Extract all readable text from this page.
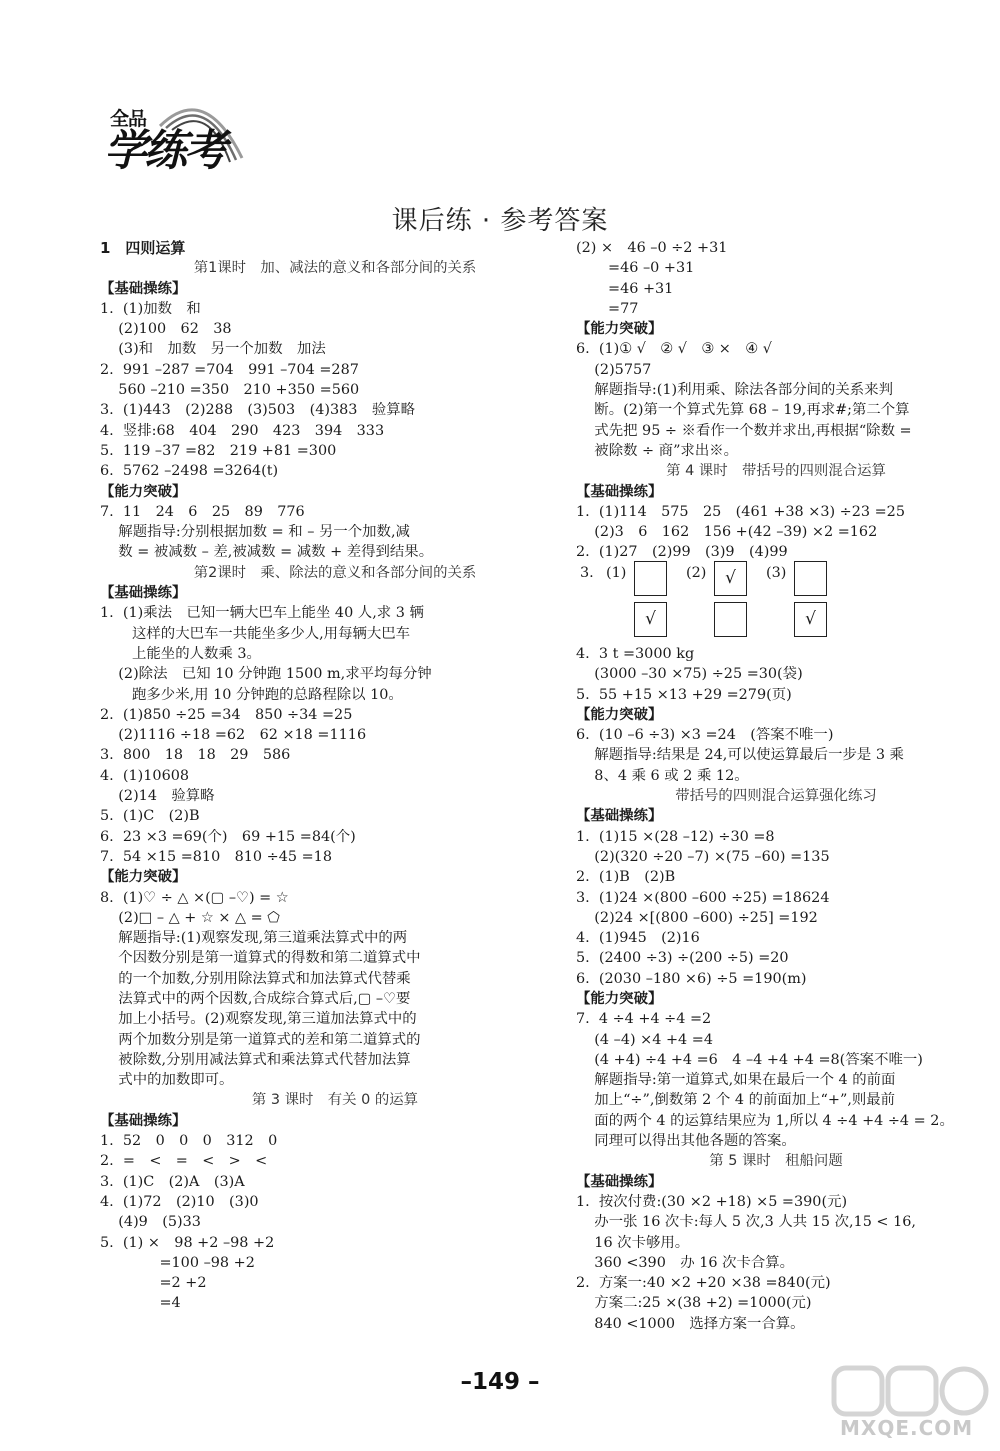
全品
学练考
课后练 · 参考答案
1　四则运算
第1课时　加、减法的意义和各部分间的关系
【基础操练】
1.  (1)加数　和
(2)100　62　38
(3)和　加数　另一个加数　加法
2.  991 –287 =704　991 –704 =287
560 –210 =350　210 +350 =560
3.  (1)443　(2)288　(3)503　(4)383　验算略
4.  竖排:68　404　290　423　394　333
5.  119 –37 =82　219 +81 =300
6.  5762 –2498 =3264(t)
【能力突破】
7.  11　24　6　25　89　776
解题指导:分别根据加数 = 和 – 另一个加数,减
数 = 被减数 – 差,被减数 = 减数 + 差得到结果。
第2课时　乘、除法的意义和各部分间的关系
【基础操练】
1.  (1)乘法　已知一辆大巴车上能坐 40 人,求 3 辆
这样的大巴车一共能坐多少人,用每辆大巴车
上能坐的人数乘 3。
(2)除法　已知 10 分钟跑 1500 m,求平均每分钟
跑多少米,用 10 分钟跑的总路程除以 10。
2.  (1)850 ÷25 =34　850 ÷34 =25
(2)1116 ÷18 =62　62 ×18 =1116
3.  800　18　18　29　586
4.  (1)10608
(2)14　验算略
5.  (1)C　(2)B
6.  23 ×3 =69(个)　69 +15 =84(个)
7.  54 ×15 =810　810 ÷45 =18
【能力突破】
8.  (1)♡ ÷ △ ×(▢ –♡) = ☆
(2)□ – △ + ☆ × △ = ⬠
解题指导:(1)观察发现,第三道乘法算式中的两
个因数分别是第一道算式的得数和第二道算式中
的一个加数,分别用除法算式和加法算式代替乘
法算式中的两个因数,合成综合算式后,▢ –♡要
加上小括号。(2)观察发现,第三道加法算式中的
两个加数分别是第一道算式的差和第二道算式的
被除数,分别用减法算式和乘法算式代替加法算
式中的加数即可。
第 3 课时　有关 0 的运算
【基础操练】
1.  52　0　0　0　312　0
2.  =　<　=　<　>　<
3.  (1)C　(2)A　(3)A
4.  (1)72　(2)10　(3)0
(4)9　(5)33
5.  (1) ×　98 +2 –98 +2
=100 –98 +2
=2 +2
=4
(2) ×　46 –0 ÷2 +31
=46 –0 +31
=46 +31
=77
【能力突破】
6.  (1)① √　② √　③ ×　④ √
(2)5757
解题指导:(1)利用乘、除法各部分间的关系来判
断。(2)第一个算式先算 68 – 19,再求#;第二个算
式先把 95 ÷ ※看作一个数并求出,再根据“除数 =
被除数 ÷ 商”求出※。
第 4 课时　带括号的四则混合运算
【基础操练】
1.  (1)114　575　25　(461 +38 ×3) ÷23 =25
(2)3　6　162　156 +(42 –39) ×2 =162
2.  (1)27　(2)99　(3)9　(4)99
3. (1)
√
(2)	√	(3)
√
4.  3 t =3000 kg
(3000 –30 ×75) ÷25 =30(袋)
5.  55 +15 ×13 +29 =279(页)
【能力突破】
6.  (10 –6 ÷3) ×3 =24　(答案不唯一)
解题指导:结果是 24,可以使运算最后一步是 3 乘
8、4 乘 6 或 2 乘 12。
带括号的四则混合运算强化练习
【基础操练】
1.  (1)15 ×(28 –12) ÷30 =8
(2)(320 ÷20 –7) ×(75 –60) =135
2.  (1)B　(2)B
3.  (1)24 ×(800 –600 ÷25) =18624
(2)24 ×[(800 –600) ÷25] =192
4.  (1)945　(2)16
5.  (2400 ÷3) ÷(200 ÷5) =20
6.  (2030 –180 ×6) ÷5 =190(m)
【能力突破】
7.  4 ÷4 +4 ÷4 =2
(4 –4) ×4 +4 =4
(4 +4) ÷4 +4 =6　4 –4 +4 +4 =8(答案不唯一)
解题指导:第一道算式,如果在最后一个 4 的前面
加上“÷”,倒数第 2 个 4 的前面加上“+”,则最前
面的两个 4 的运算结果应为 1,所以 4 ÷4 +4 ÷4 = 2。
同理可以得出其他各题的答案。
第 5 课时　租船问题
【基础操练】
1.  按次付费:(30 ×2 +18) ×5 =390(元)
办一张 16 次卡:每人 5 次,3 人共 15 次,15 < 16,
16 次卡够用。
360 <390　办 16 次卡合算。
2.  方案一:40 ×2 +20 ×38 =840(元)
方案二:25 ×(38 +2) =1000(元)
840 <1000　选择方案一合算。
–149 –
MXQE.COM
